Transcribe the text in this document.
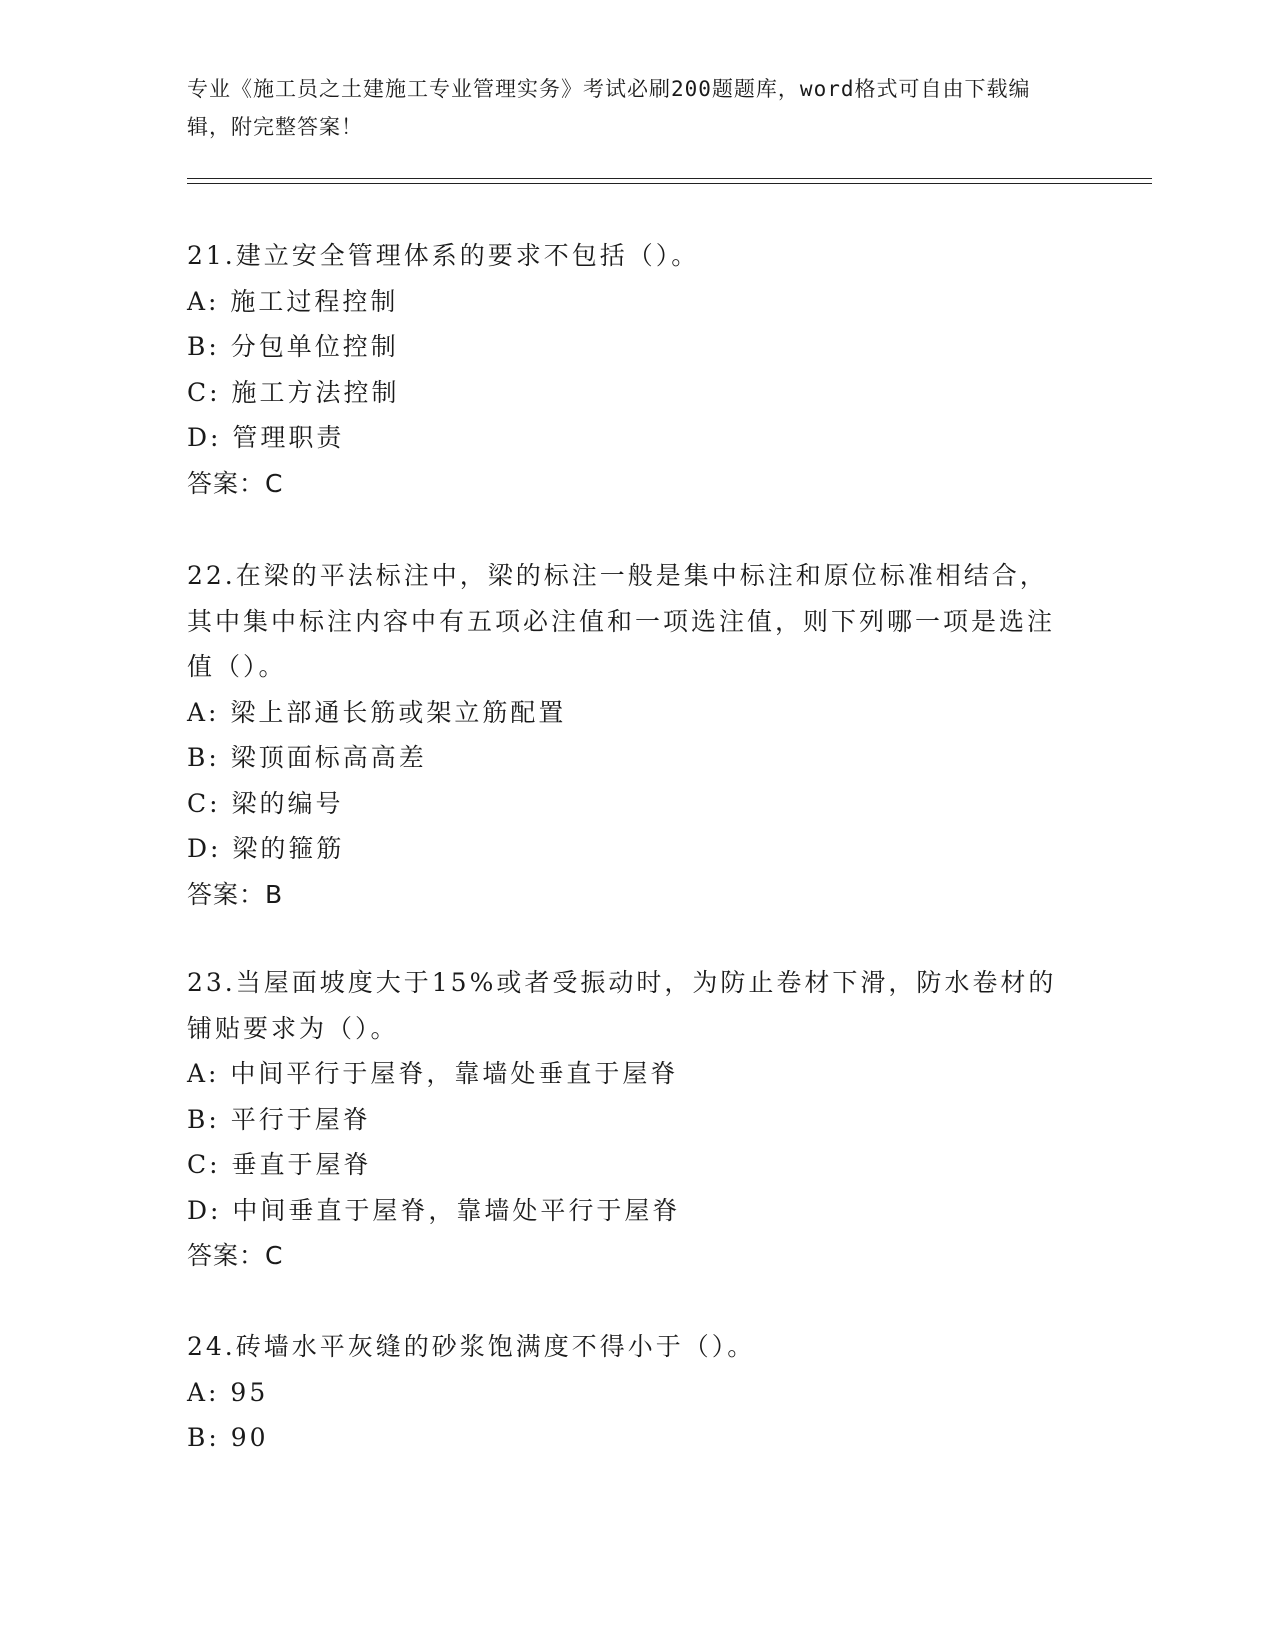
专业《施工员之土建施工专业管理实务》考试必刷200题题库，word格式可自由下载编辑，附完整答案！
21.建立安全管理体系的要求不包括（）。
A: 施工过程控制
B: 分包单位控制
C: 施工方法控制
D: 管理职责
答案：C
22.在梁的平法标注中，梁的标注一般是集中标注和原位标准相结合，其中集中标注内容中有五项必注值和一项选注值，则下列哪一项是选注值（）。
A: 梁上部通长筋或架立筋配置
B: 梁顶面标高高差
C: 梁的编号
D: 梁的箍筋
答案：B
23.当屋面坡度大于15%或者受振动时，为防止卷材下滑，防水卷材的铺贴要求为（）。
A: 中间平行于屋脊，靠墙处垂直于屋脊
B: 平行于屋脊
C: 垂直于屋脊
D: 中间垂直于屋脊，靠墙处平行于屋脊
答案：C
24.砖墙水平灰缝的砂浆饱满度不得小于（）。
A: 95
B: 90
